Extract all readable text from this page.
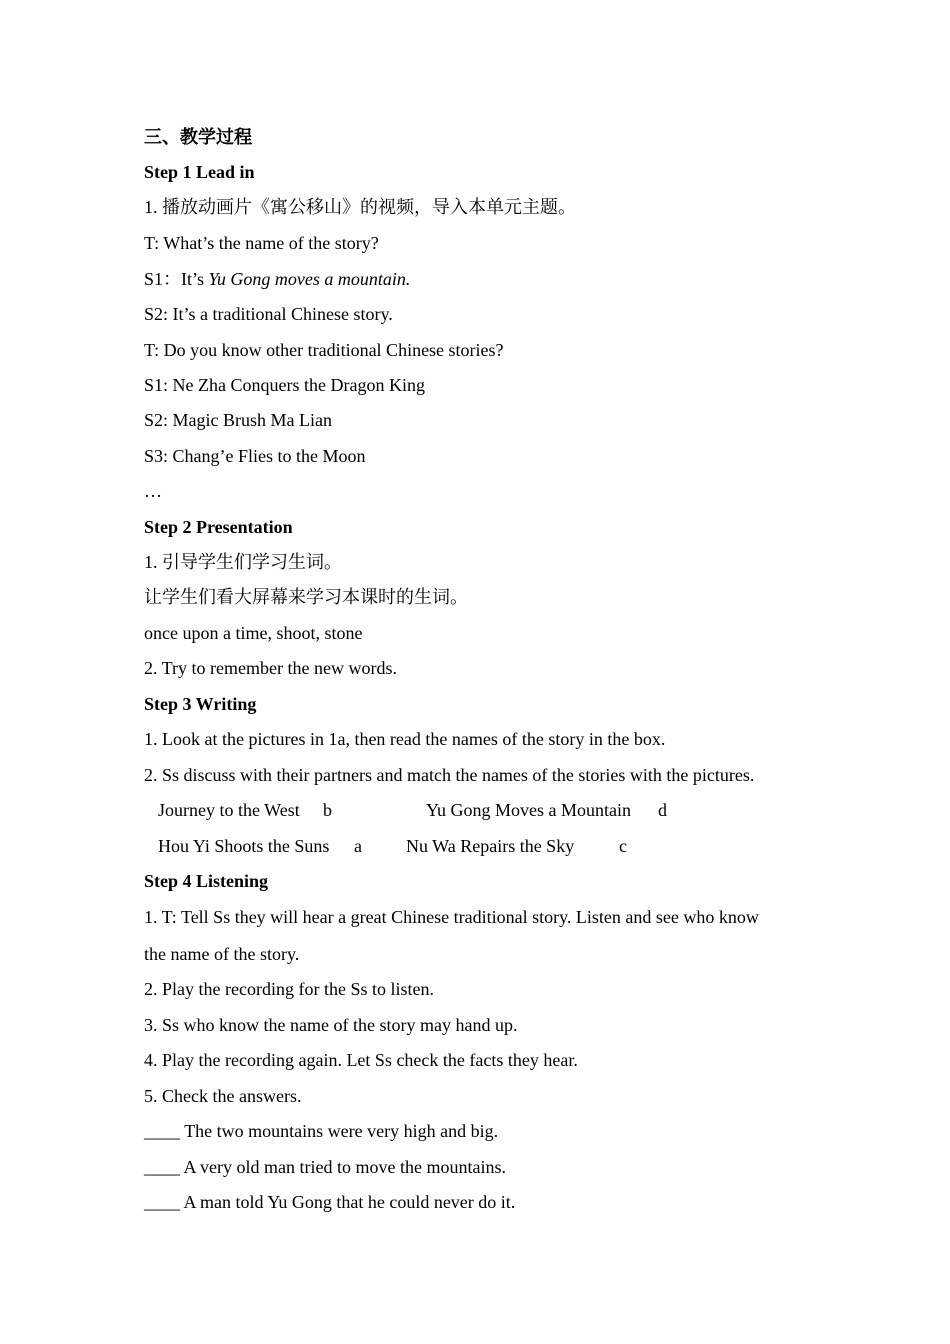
三、教学过程
Step 1 Lead in
1. 播放动画片《寓公移山》的视频，导入本单元主题。
T: What’s the name of the story?
S1：It’s Yu Gong moves a mountain.
S2: It’s a traditional Chinese story.
T: Do you know other traditional Chinese stories?
S1: Ne Zha Conquers the Dragon King
S2: Magic Brush Ma Lian
S3: Chang’e Flies to the Moon
…
Step 2 Presentation
1. 引导学生们学习生词。
让学生们看大屏幕来学习本课时的生词。
once upon a time, shoot, stone
2. Try to remember the new words.
Step 3 Writing
1. Look at the pictures in 1a, then read the names of the story in the box.
2. Ss discuss with their partners and match the names of the stories with the pictures.
Journey to the West b	Yu Gong Moves a Mountain d
Hou Yi Shoots the Suns a Nu Wa Repairs the Sky c
Step 4 Listening
1. T: Tell Ss they will hear a great Chinese traditional story. Listen and see who know
the name of the story.
2. Play the recording for the Ss to listen.
3. Ss who know the name of the story may hand up.
4. Play the recording again. Let Ss check the facts they hear.
5. Check the answers.
____ The two mountains were very high and big.
____ A very old man tried to move the mountains.
____ A man told Yu Gong that he could never do it.
